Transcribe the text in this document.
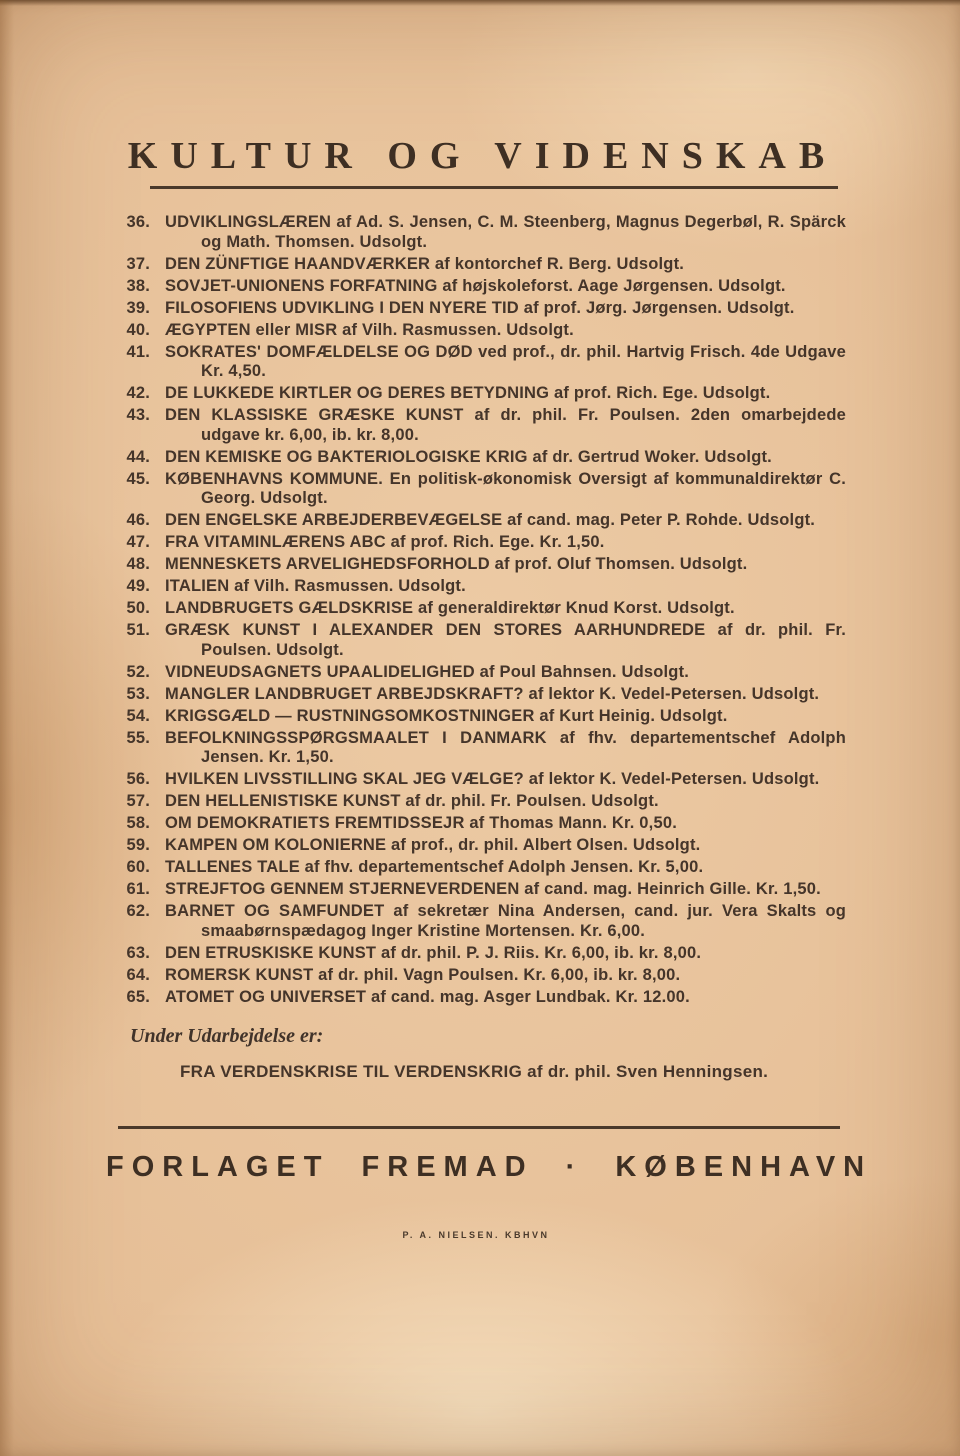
KULTUR OG VIDENSKAB
36. UDVIKLINGSLÆREN af Ad. S. Jensen, C. M. Steenberg, Magnus Degerbøl, R. Spärck og Math. Thomsen. Udsolgt.
37. DEN ZÜNFTIGE HAANDVÆRKER af kontorchef R. Berg. Udsolgt.
38. SOVJET-UNIONENS FORFATNING af højskoleforst. Aage Jørgensen. Udsolgt.
39. FILOSOFIENS UDVIKLING I DEN NYERE TID af prof. Jørg. Jørgensen. Udsolgt.
40. ÆGYPTEN eller MISR af Vilh. Rasmussen. Udsolgt.
41. SOKRATES' DOMFÆLDELSE OG DØD ved prof., dr. phil. Hartvig Frisch. 4de Udgave Kr. 4,50.
42. DE LUKKEDE KIRTLER OG DERES BETYDNING af prof. Rich. Ege. Udsolgt.
43. DEN KLASSISKE GRÆSKE KUNST af dr. phil. Fr. Poulsen. 2den omarbejdede udgave kr. 6,00, ib. kr. 8,00.
44. DEN KEMISKE OG BAKTERIOLOGISKE KRIG af dr. Gertrud Woker. Udsolgt.
45. KØBENHAVNS KOMMUNE. En politisk-økonomisk Oversigt af kommunaldirektør C. Georg. Udsolgt.
46. DEN ENGELSKE ARBEJDERBEVÆGELSE af cand. mag. Peter P. Rohde. Udsolgt.
47. FRA VITAMINLÆRENS ABC af prof. Rich. Ege. Kr. 1,50.
48. MENNESKETS ARVELIGHEDSFORHOLD af prof. Oluf Thomsen. Udsolgt.
49. ITALIEN af Vilh. Rasmussen. Udsolgt.
50. LANDBRUGETS GÆLDSKRISE af generaldirektør Knud Korst. Udsolgt.
51. GRÆSK KUNST I ALEXANDER DEN STORES AARHUNDREDE af dr. phil. Fr. Poulsen. Udsolgt.
52. VIDNEUDSAGNETS UPAALIDELIGHED af Poul Bahnsen. Udsolgt.
53. MANGLER LANDBRUGET ARBEJDSKRAFT? af lektor K. Vedel-Petersen. Udsolgt.
54. KRIGSGÆLD — RUSTNINGSOMKOSTNINGER af Kurt Heinig. Udsolgt.
55. BEFOLKNINGSSPØRGSMAALET I DANMARK af fhv. departementschef Adolph Jensen. Kr. 1,50.
56. HVILKEN LIVSSTILLING SKAL JEG VÆLGE? af lektor K. Vedel-Petersen. Udsolgt.
57. DEN HELLENISTISKE KUNST af dr. phil. Fr. Poulsen. Udsolgt.
58. OM DEMOKRATIETS FREMTIDSSEJR af Thomas Mann. Kr. 0,50.
59. KAMPEN OM KOLONIERNE af prof., dr. phil. Albert Olsen. Udsolgt.
60. TALLENES TALE af fhv. departementschef Adolph Jensen. Kr. 5,00.
61. STREJFTOG GENNEM STJERNEVERDENEN af cand. mag. Heinrich Gille. Kr. 1,50.
62. BARNET OG SAMFUNDET af sekretær Nina Andersen, cand. jur. Vera Skalts og smaabørnspædagog Inger Kristine Mortensen. Kr. 6,00.
63. DEN ETRUSKISKE KUNST af dr. phil. P. J. Riis. Kr. 6,00, ib. kr. 8,00.
64. ROMERSK KUNST af dr. phil. Vagn Poulsen. Kr. 6,00, ib. kr. 8,00.
65. ATOMET OG UNIVERSET af cand. mag. Asger Lundbak. Kr. 12.00.
Under Udarbejdelse er:
FRA VERDENSKRISE TIL VERDENSKRIG af dr. phil. Sven Henningsen.
FORLAGET FREMAD · KØBENHAVN
P. A. NIELSEN. KBHVN
